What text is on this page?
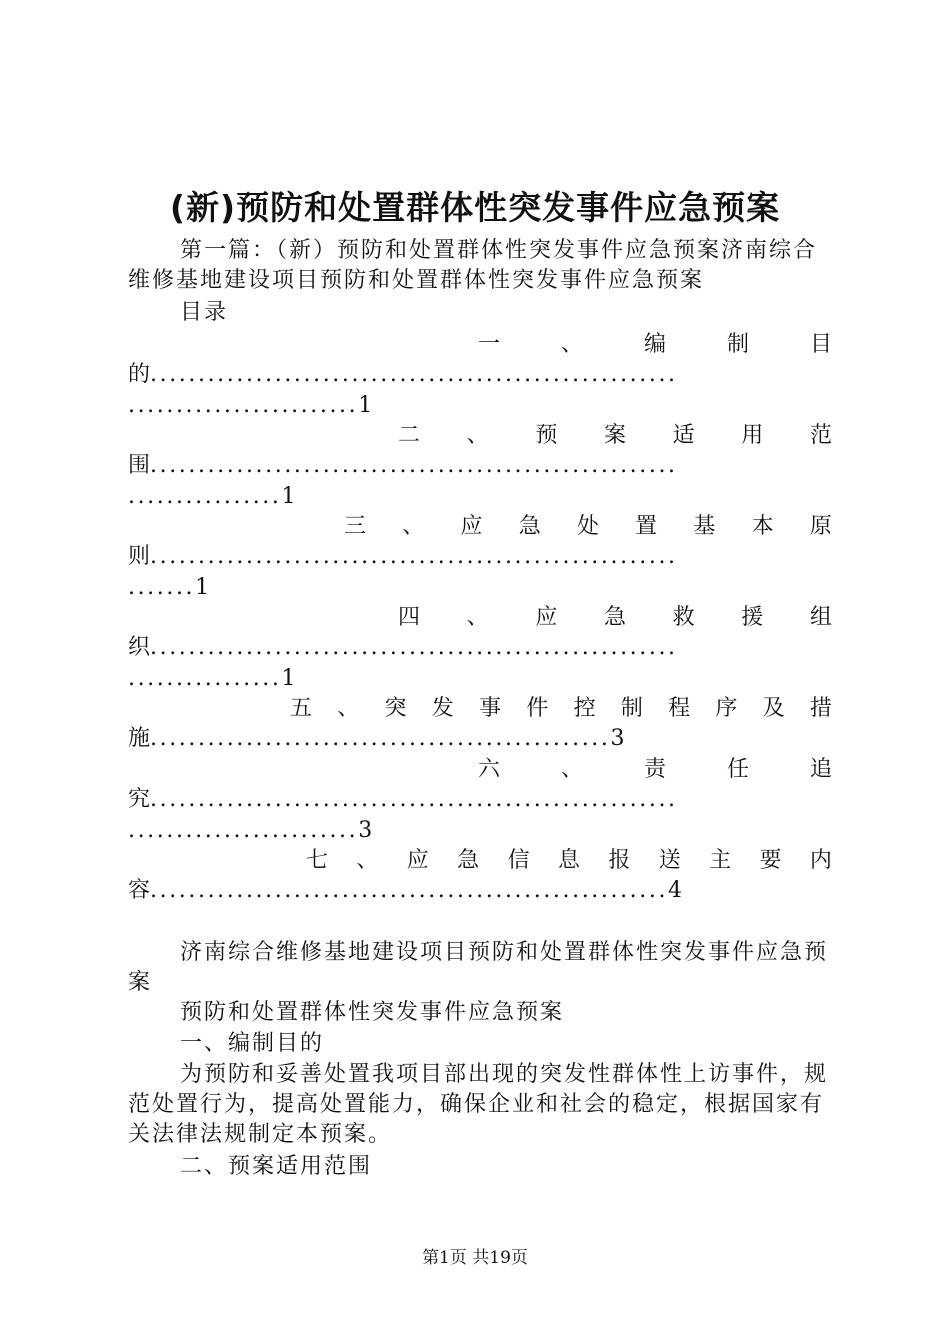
(新)预防和处置群体性突发事件应急预案

第一篇：（新）预防和处置群体性突发事件应急预案济南综合维修基地建设项目预防和处置群体性突发事件应急预案

目录

一	、	编	制	目
的.......................................................
........................1
二 、 预 案 适 用 范
围.......................................................
................1
三 、 应 急 处 置 基 本 原
则.......................................................
.......1
四 、 应 急 救 援 组
织.......................................................
................1
五 、 突 发 事 件 控 制 程 序 及 措
施................................................3
六	、	责	任	追
究.......................................................
........................3
七 、 应 急 信 息 报 送 主 要 内
容......................................................4

济南综合维修基地建设项目预防和处置群体性突发事件应急预案

预防和处置群体性突发事件应急预案

一、编制目的

为预防和妥善处置我项目部出现的突发性群体性上访事件，规范处置行为，提高处置能力，确保企业和社会的稳定，根据国家有关法律法规制定本预案。

二、预案适用范围

第1页 共19页
